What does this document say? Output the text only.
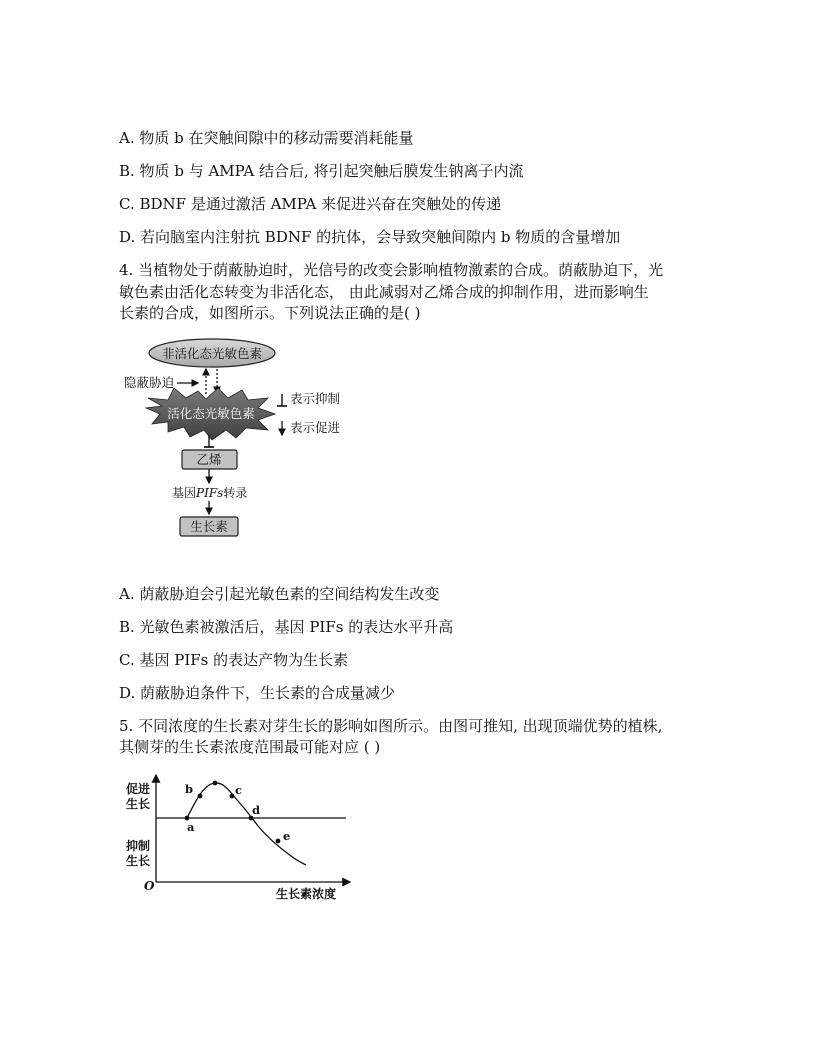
A. 物质 b 在突触间隙中的移动需要消耗能量
B. 物质 b 与 AMPA 结合后, 将引起突触后膜发生钠离子内流
C. BDNF 是通过激活 AMPA 来促进兴奋在突触处的传递
D. 若向脑室内注射抗 BDNF 的抗体，会导致突触间隙内 b 物质的含量增加
4. 当植物处于荫蔽胁迫时，光信号的改变会影响植物激素的合成。荫蔽胁迫下，光
敏色素由活化态转变为非活化态， 由此减弱对乙烯合成的抑制作用，进而影响生
长素的合成，如图所示。下列说法正确的是( )
非活化态光敏色素
隐蔽胁迫
活化态光敏色素
表示抑制
表示促进
乙烯
基因PIFs转录
生长素
A. 荫蔽胁迫会引起光敏色素的空间结构发生改变
B. 光敏色素被激活后，基因 PIFs 的表达水平升高
C. 基因 PIFs 的表达产物为生长素
D. 荫蔽胁迫条件下，生长素的合成量减少
5. 不同浓度的生长素对芽生长的影响如图所示。由图可推知, 出现顶端优势的植株,
其侧芽的生长素浓度范围最可能对应 ( )
促进
生长
抑制
生长
O
生长素浓度
a
b	c
d
e
